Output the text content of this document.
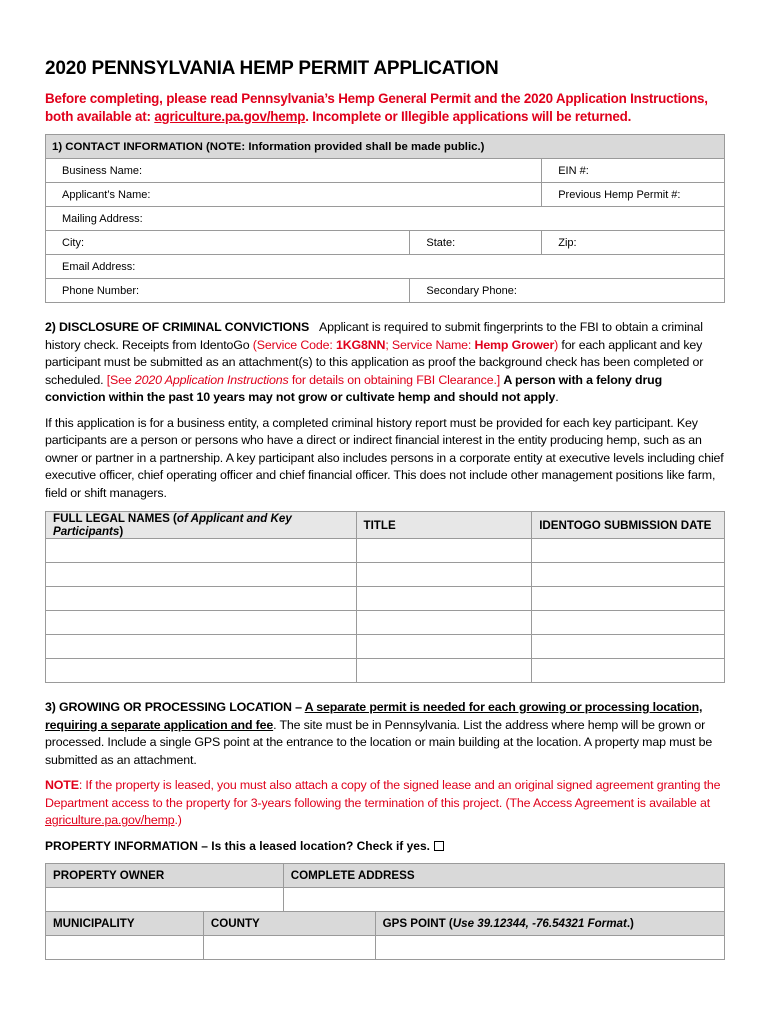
2020 PENNSYLVANIA HEMP PERMIT APPLICATION
Before completing, please read Pennsylvania’s Hemp General Permit and the 2020 Application Instructions, both available at: agriculture.pa.gov/hemp. Incomplete or Illegible applications will be returned.
1) CONTACT INFORMATION (NOTE: Information provided shall be made public.)		
Business Name:		EIN #:
Applicant’s Name:		Previous Hemp Permit #:
Mailing Address:		
City:	State:	Zip:
Email Address:		
Phone Number:	Secondary Phone:	

2) DISCLOSURE OF CRIMINAL CONVICTIONS Applicant is required to submit fingerprints to the FBI to obtain a criminal history check. Receipts from IdentoGo (Service Code: 1KG8NN; Service Name: Hemp Grower) for each applicant and key participant must be submitted as an attachment(s) to this application as proof the background check has been completed or scheduled. [See 2020 Application Instructions for details on obtaining FBI Clearance.] A person with a felony drug conviction within the past 10 years may not grow or cultivate hemp and should not apply.

If this application is for a business entity, a completed criminal history report must be provided for each key participant. Key participants are a person or persons who have a direct or indirect financial interest in the entity producing hemp, such as an owner or partner in a partnership. A key participant also includes persons in a corporate entity at executive levels including chief executive officer, chief operating officer and chief financial officer. This does not include other management positions like farm, field or shift managers.

FULL LEGAL NAMES (of Applicant and Key Participants)	TITLE	IDENTOGO SUBMISSION DATE

3) GROWING OR PROCESSING LOCATION – A separate permit is needed for each growing or processing location, requiring a separate application and fee. The site must be in Pennsylvania. List the address where hemp will be grown or processed. Include a single GPS point at the entrance to the location or main building at the location. A property map must be submitted as an attachment.

NOTE: If the property is leased, you must also attach a copy of the signed lease and an original signed agreement granting the Department access to the property for 3-years following the termination of this project. (The Access Agreement is available at agriculture.pa.gov/hemp.)

PROPERTY INFORMATION – Is this a leased location? Check if yes.
PROPERTY OWNER		COMPLETE ADDRESS	

MUNICIPALITY	COUNTY		GPS POINT (Use 39.12344, -76.54321 Format.)
